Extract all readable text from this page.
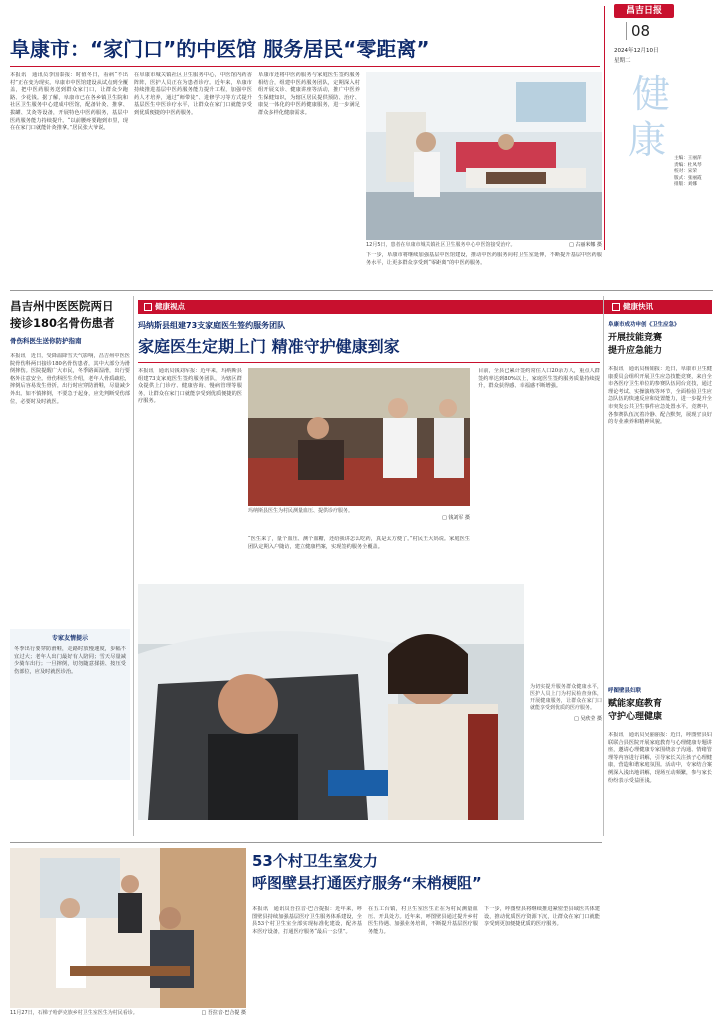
昌吉日报
08
2024年12月10日
星期二
健
康 主编：王丽萍
责编：杜凤琴
校对：宋荣
版式：张丽霞
排版：刘娜
阜康市：“家门口”的中医馆 服务居民“零距离”
本报讯　通讯员李国泰报：时值冬日，看病“不出村”正在变为现实。阜康市中医馆建设从试点到全覆盖，把中医药服务送到群众家门口，让群众少跑路、少花钱。据了解，阜康市已在各乡镇卫生院和社区卫生服务中心建成中医馆，配备针灸、推拿、拔罐、艾灸等设备，开展特色中医药服务，基层中医药服务能力持续提升。“以前腰疼要跑到市里，现在在家门口就能针灸推拿。”居民张大爷说。
在阜康市城关镇社区卫生服务中心，中医馆内药香阵阵，医护人员正在为患者诊疗。近年来，阜康市持续推进基层中医药服务能力提升工程，加强中医药人才培养，通过“师带徒”、进修学习等方式提升基层医生中医诊疗水平，让群众在家门口就能享受到优质便捷的中医药服务。
阜康市还将中医药服务与家庭医生签约服务相结合，组建中医药服务团队，定期深入村组开展义诊、健康讲座等活动，推广中医养生保健知识，为辖区居民提供预防、治疗、康复一体化的中医药健康服务，进一步满足群众多样化健康需求。
下一步，阜康市将继续加强基层中医馆建设，推动中医药服务向村卫生室延伸，不断提升基层中医药服务水平，让更多群众享受到“零距离”的中医药服务。
12月5日，患者在阜康市城关镇社区卫生服务中心中医馆接受治疗。	□ 古丽米娜 摄
昌吉州中医医院两日
接诊180名骨伤患者
骨伤科医生送你防护指南
本报讯　近日，受降温降雪天气影响，昌吉州中医医院骨伤科两日接诊180名骨伤患者，其中大部分为滑倒摔伤。医院提醒广大市民，冬季路面湿滑，出行要格外注意安全。骨伤科医生介绍，老年人骨质疏松，摔倒后容易发生骨折，出行时应穿防滑鞋，尽量减少外出。如不慎摔倒，不要急于起身，应先判断受伤部位，必要时及时就医。
专家友情提示
冬季出行要穿防滑鞋，走路时放慢速度，步幅不宜过大；老年人出门最好有人陪同；雪天尽量减少骑车出行；一旦摔倒，切勿随意揉搓、按压受伤部位，应及时就医诊治。
健康视点	健康快讯
玛纳斯县组建73支家庭医生签约服务团队
家庭医生定期上门 精准守护健康到家
本报讯　通讯员钱刘军报：近年来，玛纳斯县组建73支家庭医生签约服务团队，为辖区群众提供上门诊疗、健康咨询、慢病管理等服务，让群众在家门口就能享受到优质便捷的医疗服务。
玛纳斯县医生为村民测量血压、提供诊疗服务。
□ 钱刘军 摄
“医生来了，量个血压、测个血糖，还给我讲怎么吃药，真是太方便了。”村民王大妈说。家庭医生团队定期入户随访，建立健康档案，实现签约服务全覆盖。
目前，全县已累计签约常住人口20余万人，重点人群签约率达到80%以上，家庭医生签约服务质量持续提升，群众获得感、幸福感不断增强。
为切实提升服务群众健康水平，医护人员上门为村民检查身体，开展健康服务，让群众在家门口就能享受到优质的医疗服务。
□ 吴欣莹 摄
阜康市成功申创《卫生应急》
开展技能竞赛
提升应急能力
本报讯　通讯员杨娟报：近日，阜康市卫生健康委员会组织开展卫生应急技能竞赛，来自全市各医疗卫生单位的参赛队伍同台竞技，通过理论考试、实操演练等环节，全面检验卫生应急队伍的快速反应和处置能力，进一步提升全市突发公共卫生事件应急处置水平。竞赛中，各参赛队伍沉着冷静、配合默契，展现了良好的专业素养和精神风貌。
呼图壁县妇联
赋能家庭教育
守护心理健康
本报讯　通讯员吴丽丽报：近日，呼图壁县妇联联合县医院开展家庭教育与心理健康专题讲座，邀请心理健康专家围绕亲子沟通、情绪管理等内容进行讲解，引导家长关注孩子心理健康，营造和谐家庭氛围。活动中，专家结合案例深入浅出地讲解，现场互动频繁，参与家长纷纷表示受益匪浅。
11月27日，石梯子哈萨克族乡村卫生室医生为村民看诊。	□ 吾拉音·巴合提 摄
53个村卫生室发力
呼图壁县打通医疗服务“末梢梗阻”
本报讯　通讯员吾拉音·巴合提报：近年来，呼图壁县持续加强基层医疗卫生服务体系建设，全县53个村卫生室全部实现标准化建设，配齐基本医疗设备，打通医疗服务“最后一公里”。
在五工台镇，村卫生室医生正在为村民测量血压、开具处方。近年来，呼图壁县通过提升乡村医生待遇、加强业务培训，不断提升基层医疗服务能力。
下一步，呼图壁县将继续推进紧密型县域医共体建设，推动优质医疗资源下沉，让群众在家门口就能享受到更加便捷优质的医疗服务。
